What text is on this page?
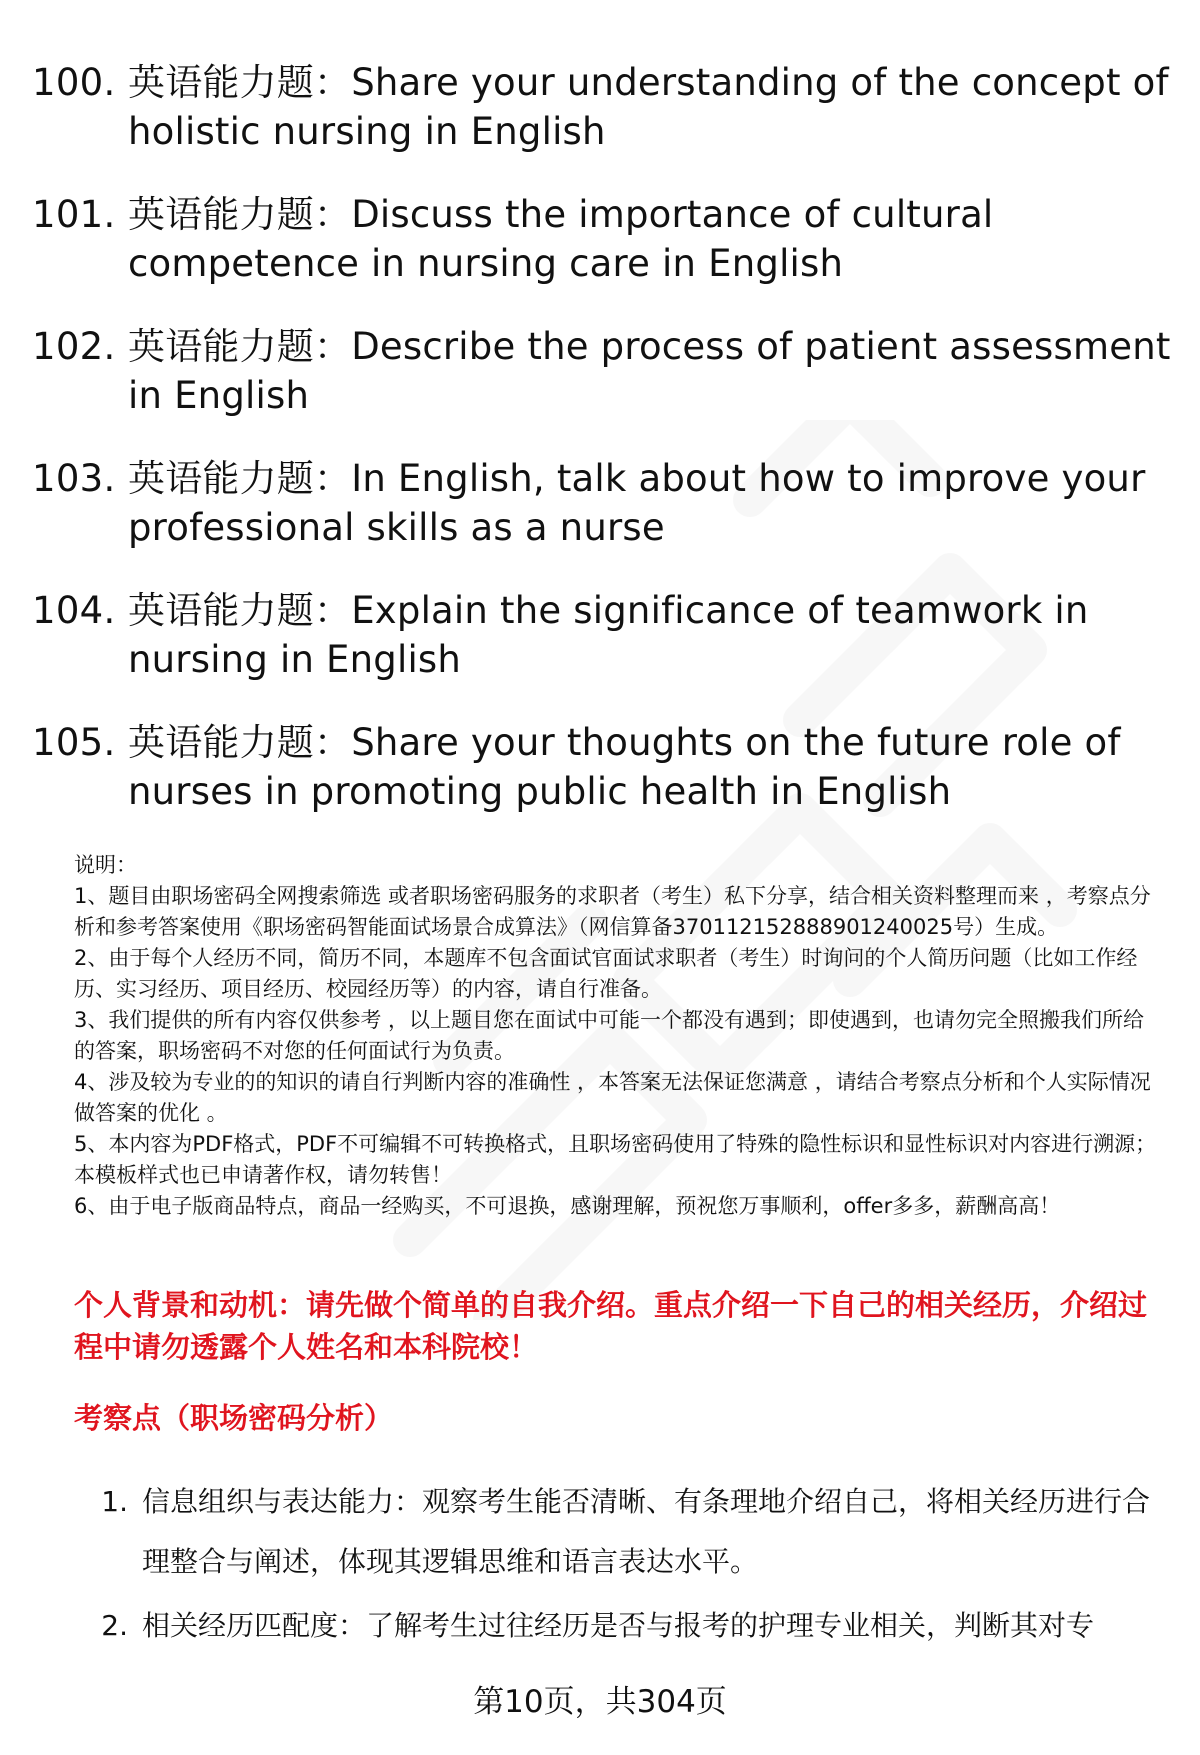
100. 英语能力题：Share your understanding of the concept of holistic nursing in English
101. 英语能力题：Discuss the importance of cultural competence in nursing care in English
102. 英语能力题：Describe the process of patient assessment in English
103. 英语能力题：In English, talk about how to improve your professional skills as a nurse
104. 英语能力题：Explain the significance of teamwork in nursing in English
105. 英语能力题：Share your thoughts on the future role of nurses in promoting public health in English

说明：

1、题目由职场密码全网搜索筛选 或者职场密码服务的求职者（考生）私下分享，结合相关资料整理而来 ，考察点分析和参考答案使用《职场密码智能面试场景合成算法》（网信算备370112152888901240025号）生成。

2、由于每个人经历不同，简历不同，本题库不包含面试官面试求职者（考生）时询问的个人简历问题（比如工作经历、实习经历、项目经历、校园经历等）的内容，请自行准备。

3、我们提供的所有内容仅供参考 ，以上题目您在面试中可能一个都没有遇到；即使遇到，也请勿完全照搬我们所给的答案，职场密码不对您的任何面试行为负责。

4、涉及较为专业的的知识的请自行判断内容的准确性 ，本答案无法保证您满意 ，请结合考察点分析和个人实际情况做答案的优化 。

5、本内容为PDF格式，PDF不可编辑不可转换格式，且职场密码使用了特殊的隐性标识和显性标识对内容进行溯源；本模板样式也已申请著作权，请勿转售！

6、由于电子版商品特点，商品一经购买，不可退换，感谢理解，预祝您万事顺利，offer多多，薪酬高高！

个人背景和动机：请先做个简单的自我介绍。重点介绍一下自己的相关经历，介绍过程中请勿透露个人姓名和本科院校！
考察点（职场密码分析）
1. 信息组织与表达能力：观察考生能否清晰、有条理地介绍自己，将相关经历进行合理整合与阐述，体现其逻辑思维和语言表达水平。
2. 相关经历匹配度：了解考生过往经历是否与报考的护理专业相关，判断其对专
第10页，共304页
